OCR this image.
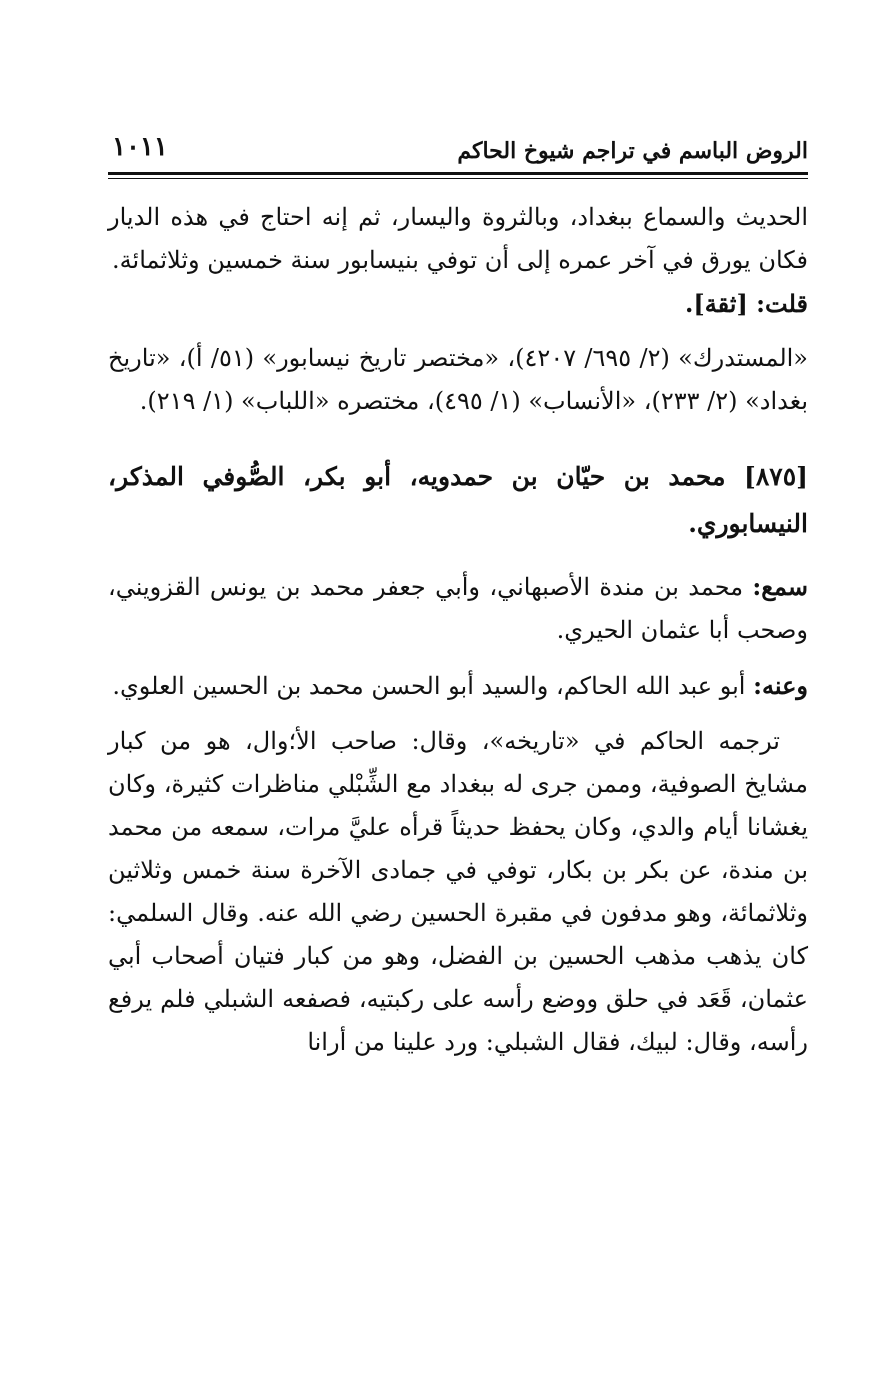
الروض الباسم في تراجم شيوخ الحاكم
١٠١١

الحديث والسماع ببغداد، وبالثروة واليسار، ثم إنه احتاج في هذه الديار فكان يورق في آخر عمره إلى أن توفي بنيسابور سنة خمسين وثلاثمائة.

قلت: [ثقة].

«المستدرك» (٢/ ٦٩٥/ ٤٢٠٧)، «مختصر تاريخ نيسابور» (٥١/ أ)، «تاريخ بغداد» (٢/ ٢٣٣)، «الأنساب» (١/ ٤٩٥)، مختصره «اللباب» (١/ ٢١٩).

[٨٧٥] محمد بن حيّان بن حمدويه، أبو بكر، الصُّوفي المذكر، النيسابوري.

سمع: محمد بن مندة الأصبهاني، وأبي جعفر محمد بن يونس القزويني، وصحب أبا عثمان الحيري.

وعنه: أبو عبد الله الحاكم، والسيد أبو الحسن محمد بن الحسين العلوي.

ترجمه الحاكم في «تاريخه»، وقال: صاحب الأ؛وال، هو من كبار مشايخ الصوفية، وممن جرى له ببغداد مع الشِّبْلي مناظرات كثيرة، وكان يغشانا أيام والدي، وكان يحفظ حديثاً قرأه عليَّ مرات، سمعه من محمد بن مندة، عن بكر بن بكار، توفي في جمادى الآخرة سنة خمس وثلاثين وثلاثمائة، وهو مدفون في مقبرة الحسين رضي الله عنه. وقال السلمي: كان يذهب مذهب الحسين بن الفضل، وهو من كبار فتيان أصحاب أبي عثمان، قَعَد في حلق ووضع رأسه على ركبتيه، فصفعه الشبلي فلم يرفع رأسه، وقال: لبيك، فقال الشبلي: ورد علينا من أرانا
